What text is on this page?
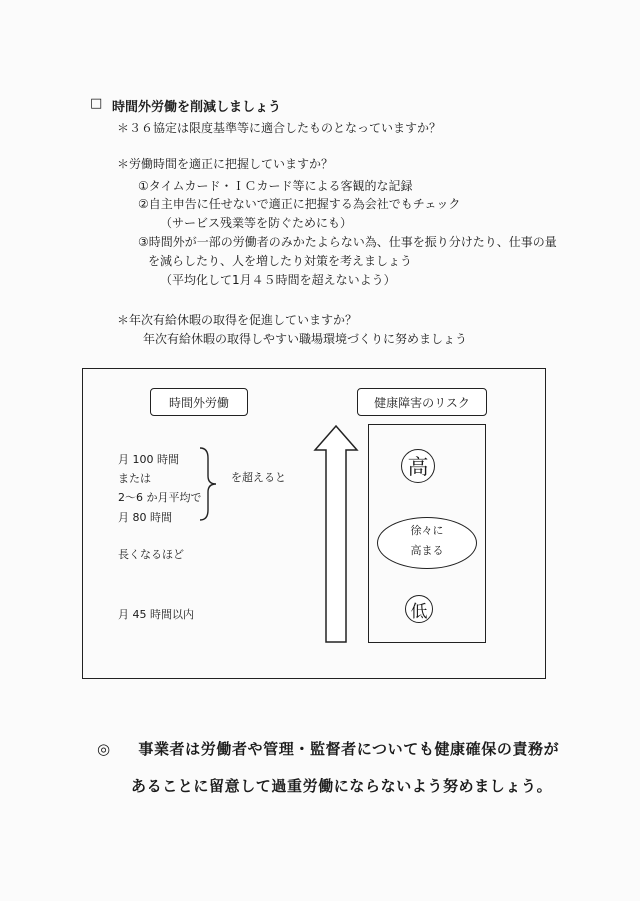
□ 時間外労働を削減しましょう
＊３６協定は限度基準等に適合したものとなっていますか？
＊労働時間を適正に把握していますか？
①タイムカード・ＩＣカード等による客観的な記録
②自主申告に任せないで適正に把握する為会社でもチェック
（サービス残業等を防ぐためにも）
③時間外が一部の労働者のみかたよらない為、仕事を振り分けたり、仕事の量
を減らしたり、人を増したり対策を考えましょう
（平均化して1月４５時間を超えないよう）
＊年次有給休暇の取得を促進していますか？
年次有給休暇の取得しやすい職場環境づくりに努めましょう
時間外労働	健康障害のリスク
月 100 時間
または
2～6 か月平均で
月 80 時間
を超えると
長くなるほど
月 45 時間以内
高
徐々に
高まる
低
◎ 事業者は労働者や管理・監督者についても健康確保の責務が
あることに留意して過重労働にならないよう努めましょう。
